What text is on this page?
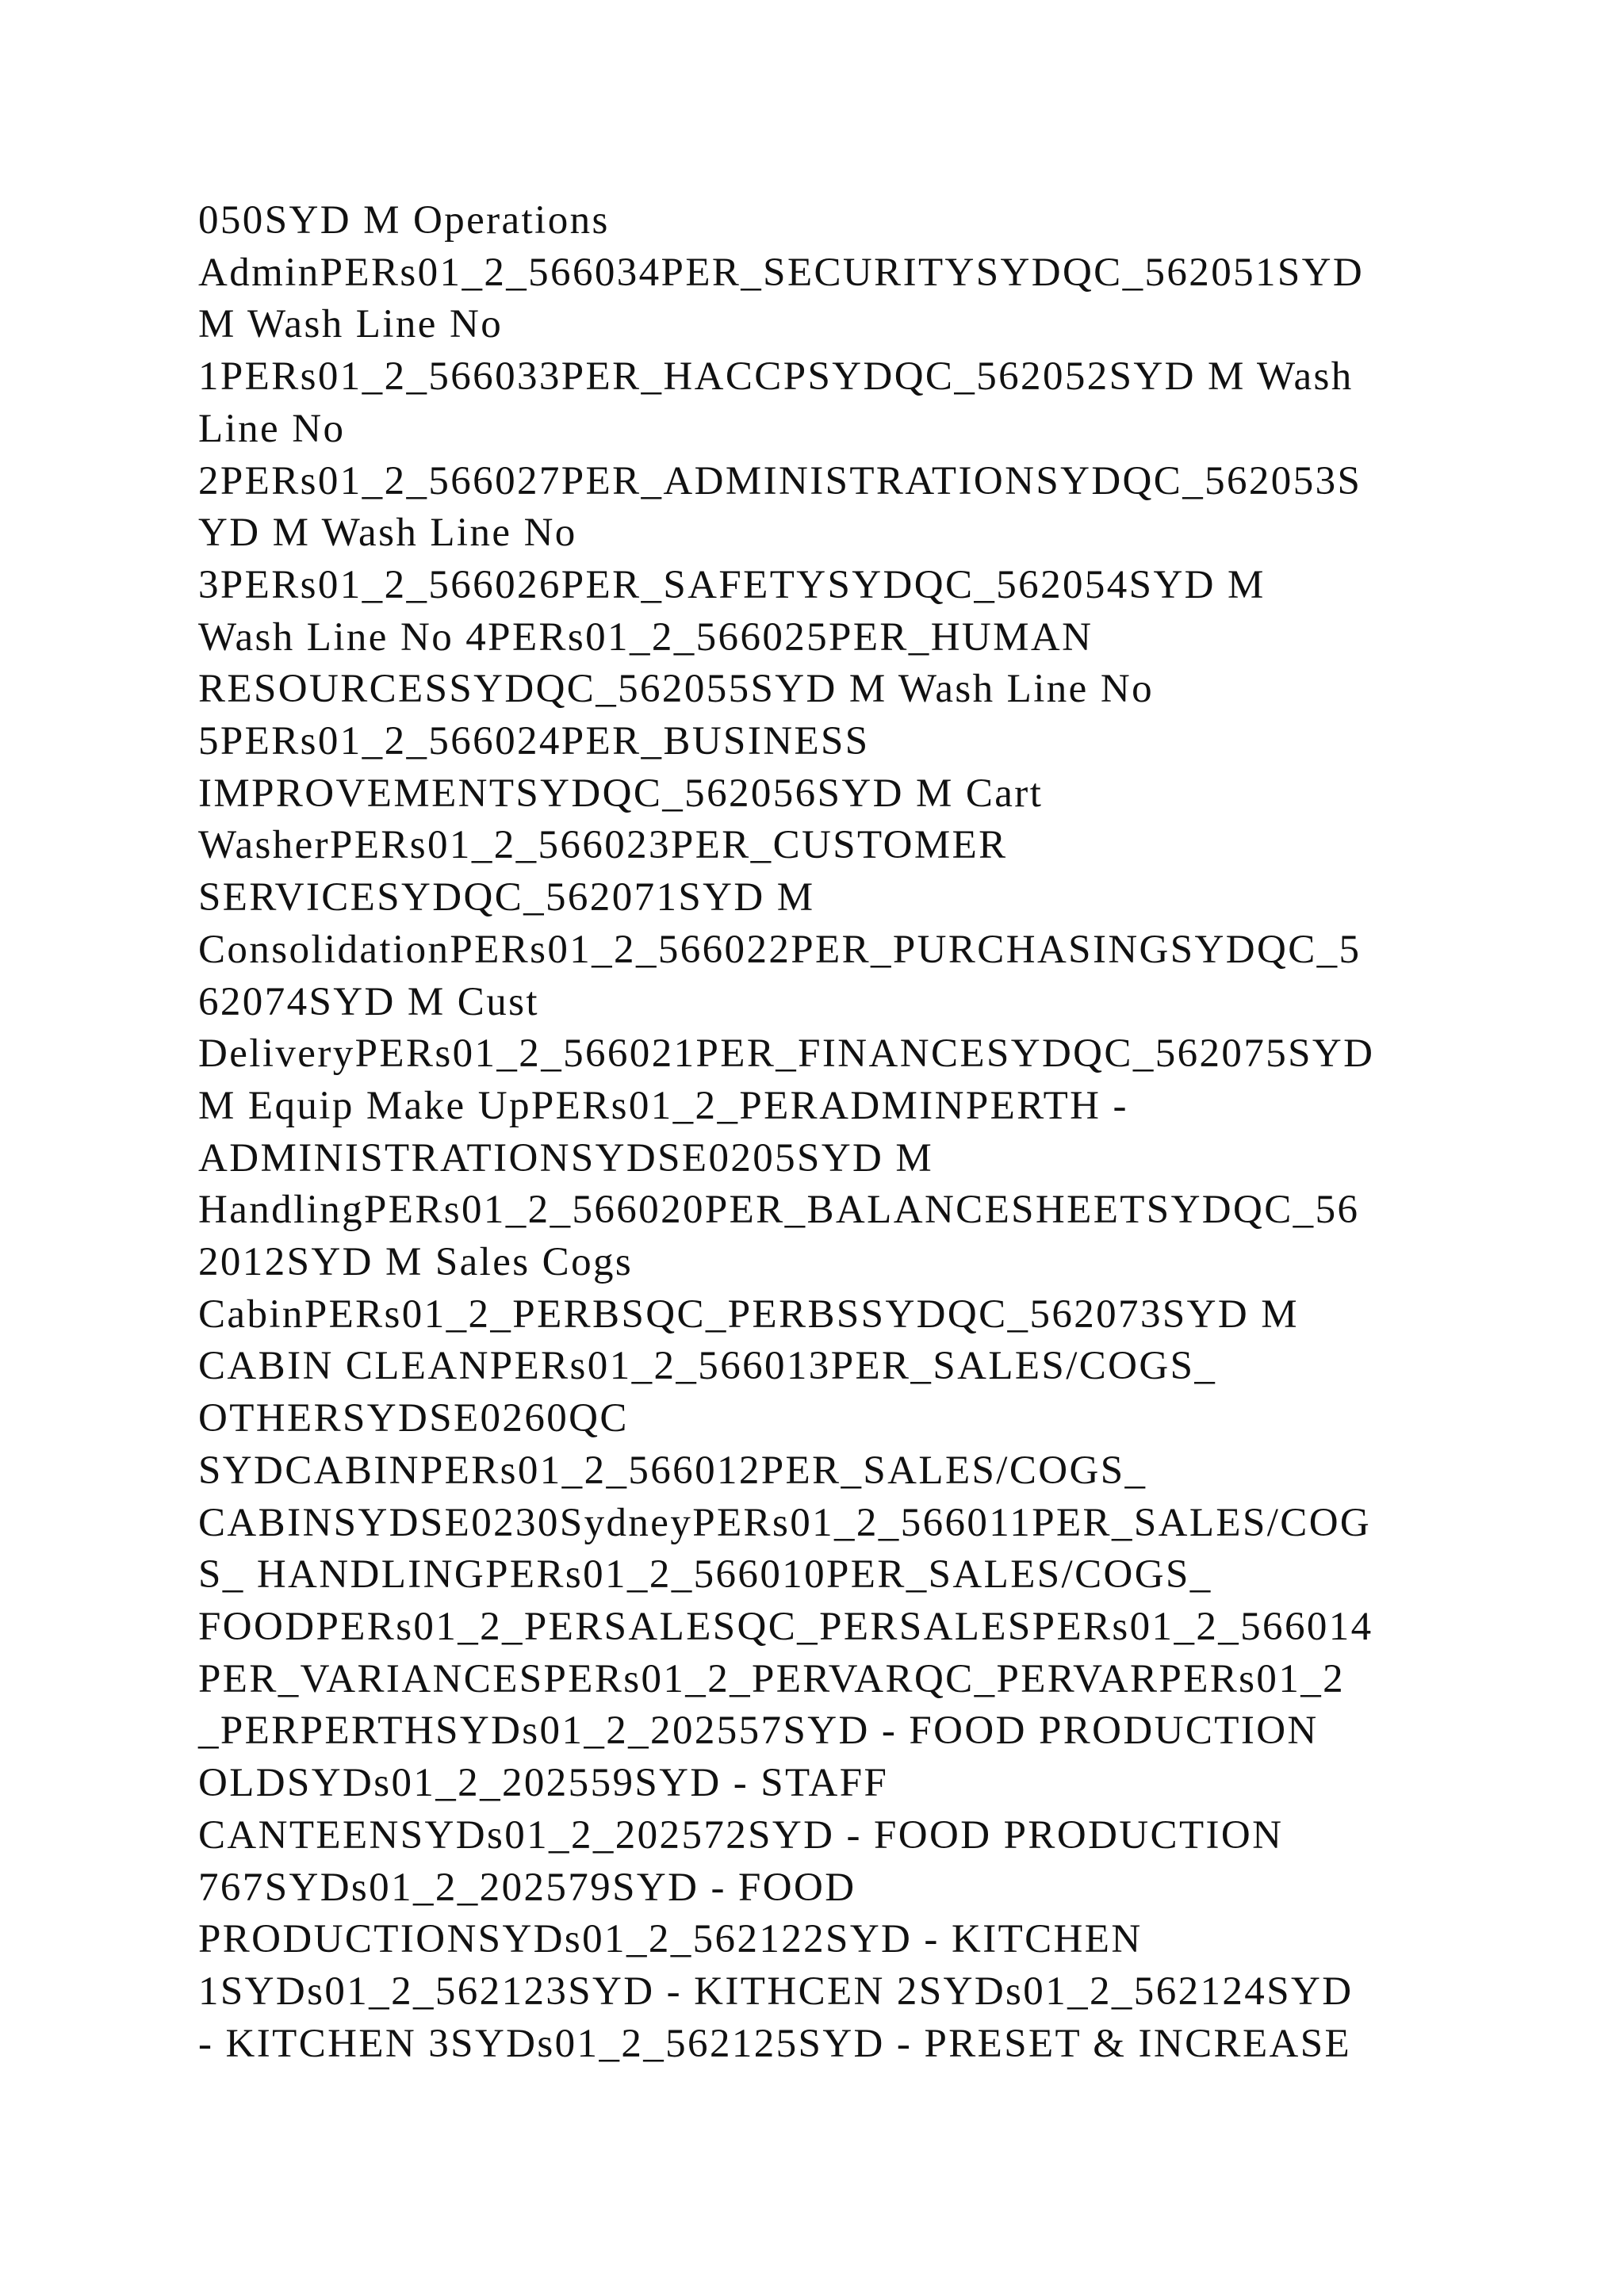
050SYD M Operations
AdminPERs01_2_566034PER_SECURITYSYDQC_562051SYD
M Wash Line No
1PERs01_2_566033PER_HACCPSYDQC_562052SYD M Wash
Line No
2PERs01_2_566027PER_ADMINISTRATIONSYDQC_562053S
YD M Wash Line No
3PERs01_2_566026PER_SAFETYSYDQC_562054SYD M
Wash Line No 4PERs01_2_566025PER_HUMAN
RESOURCESSYDQC_562055SYD M Wash Line No
5PERs01_2_566024PER_BUSINESS
IMPROVEMENTSYDQC_562056SYD M Cart
WasherPERs01_2_566023PER_CUSTOMER
SERVICESYDQC_562071SYD M
ConsolidationPERs01_2_566022PER_PURCHASINGSYDQC_5
62074SYD M Cust
DeliveryPERs01_2_566021PER_FINANCESYDQC_562075SYD
M Equip Make UpPERs01_2_PERADMINPERTH -
ADMINISTRATIONSYDSE0205SYD M
HandlingPERs01_2_566020PER_BALANCESHEETSYDQC_56
2012SYD M Sales Cogs
CabinPERs01_2_PERBSQC_PERBSSYDQC_562073SYD M
CABIN CLEANPERs01_2_566013PER_SALES/COGS_
OTHERSYDSE0260QC
SYDCABINPERs01_2_566012PER_SALES/COGS_
CABINSYDSE0230SydneyPERs01_2_566011PER_SALES/COG
S_ HANDLINGPERs01_2_566010PER_SALES/COGS_
FOODPERs01_2_PERSALESQC_PERSALESPERs01_2_566014
PER_VARIANCESPERs01_2_PERVARQC_PERVARPERs01_2
_PERPERTHSYDs01_2_202557SYD - FOOD PRODUCTION
OLDSYDs01_2_202559SYD - STAFF
CANTEENSYDs01_2_202572SYD - FOOD PRODUCTION
767SYDs01_2_202579SYD - FOOD
PRODUCTIONSYDs01_2_562122SYD - KITCHEN
1SYDs01_2_562123SYD - KITHCEN 2SYDs01_2_562124SYD
- KITCHEN 3SYDs01_2_562125SYD - PRESET & INCREASE
